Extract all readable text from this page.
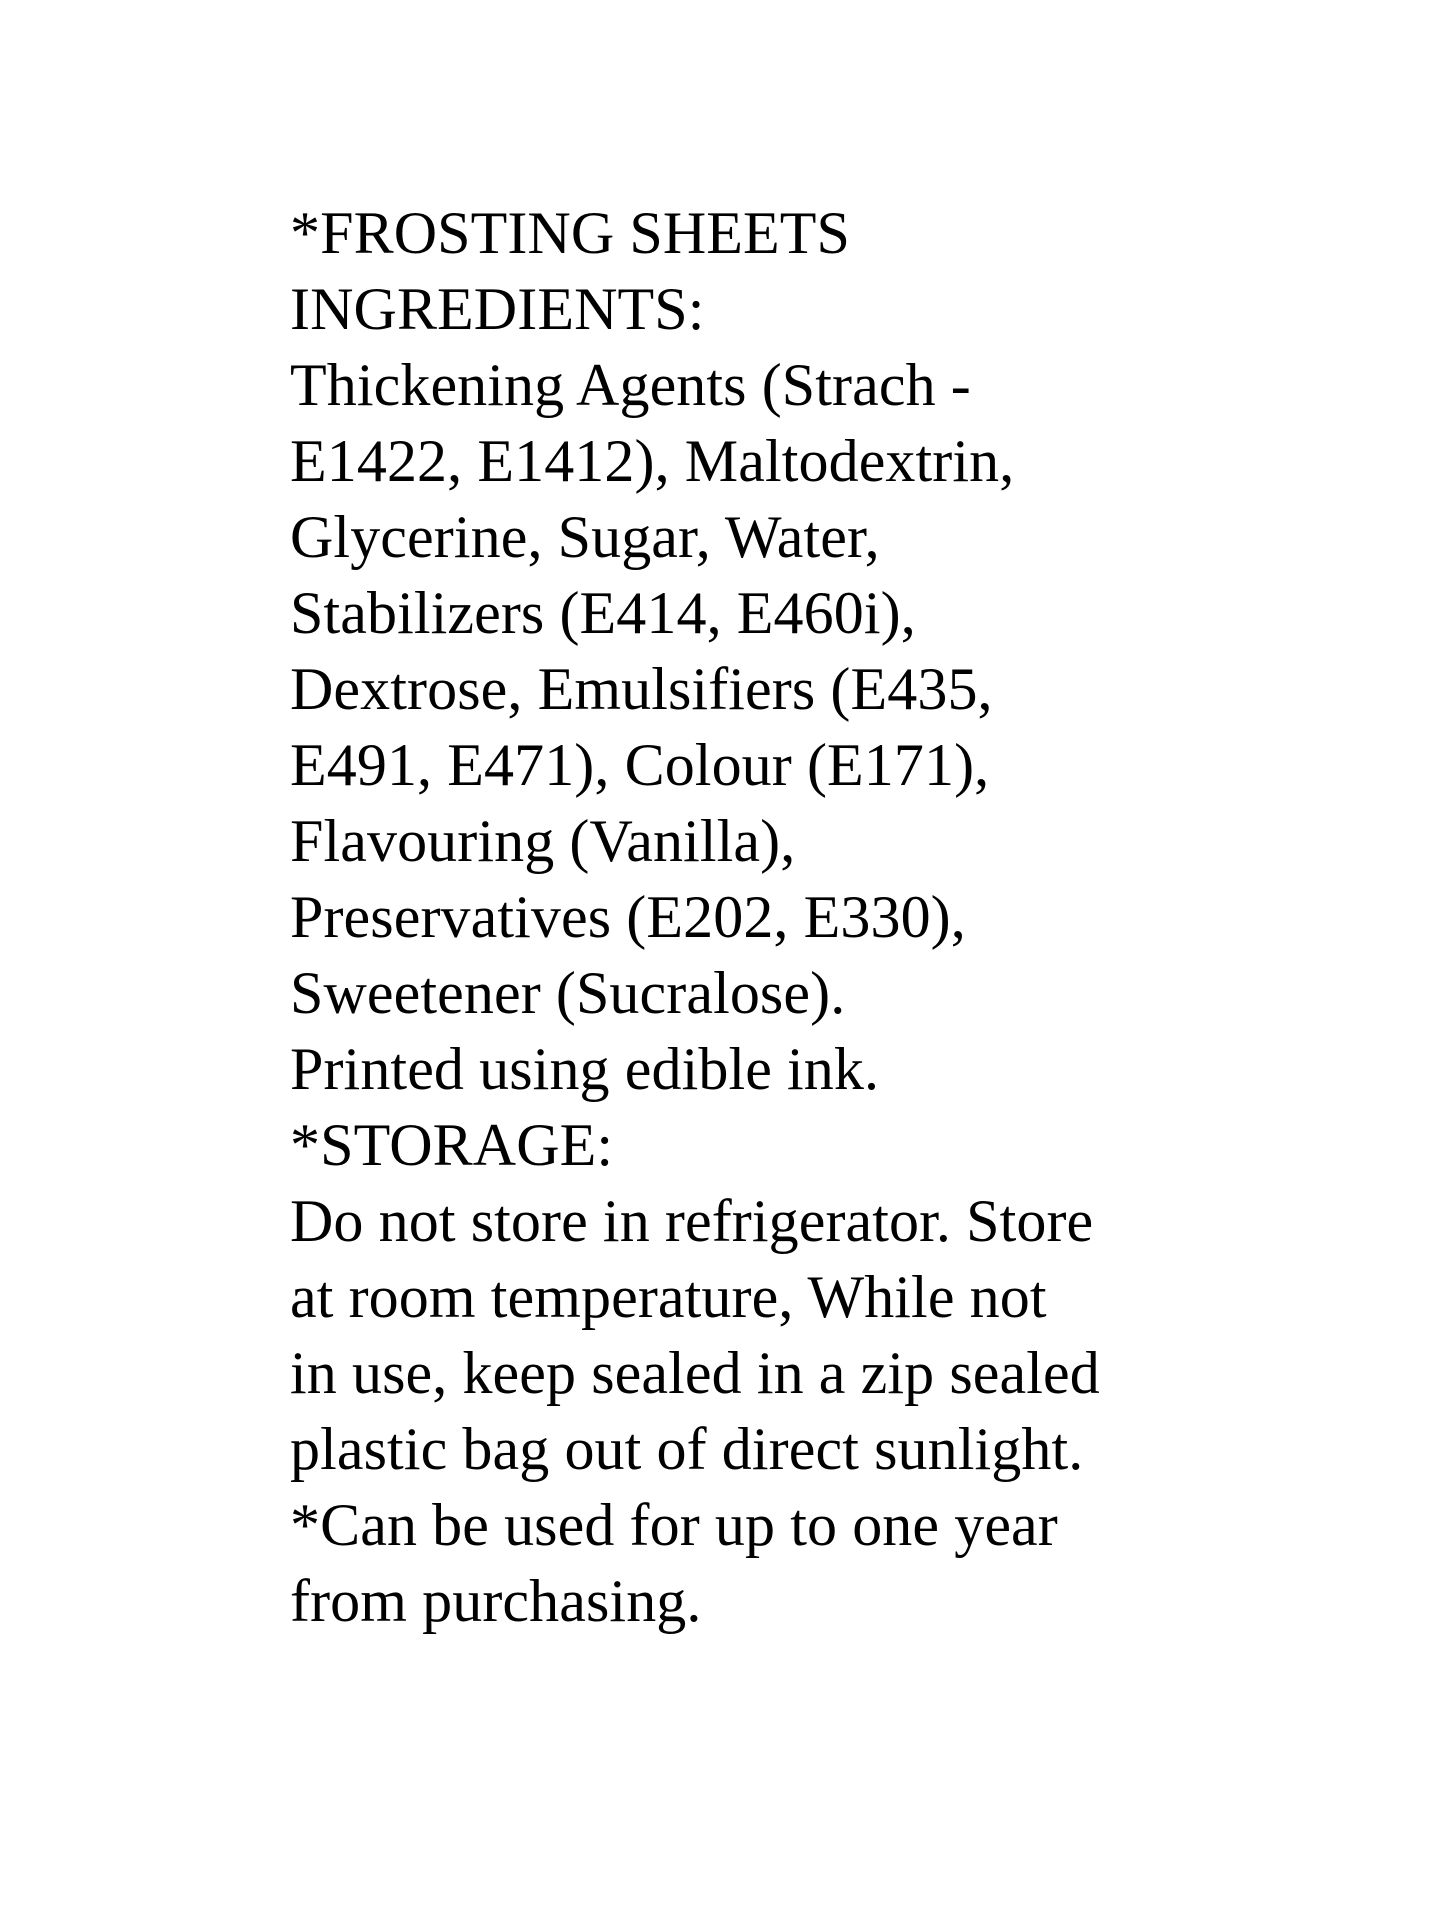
*FROSTING SHEETS
INGREDIENTS:
Thickening Agents (Strach -
E1422, E1412), Maltodextrin,
Glycerine, Sugar, Water,
Stabilizers (E414, E460i),
Dextrose, Emulsifiers (E435,
E491, E471), Colour (E171),
Flavouring (Vanilla),
Preservatives (E202, E330),
Sweetener (Sucralose).
Printed using edible ink.
*STORAGE:
Do not store in refrigerator. Store
at room temperature, While not
in use, keep sealed in a zip sealed
plastic bag out of direct sunlight.
*Can be used for up to one year
from purchasing.
